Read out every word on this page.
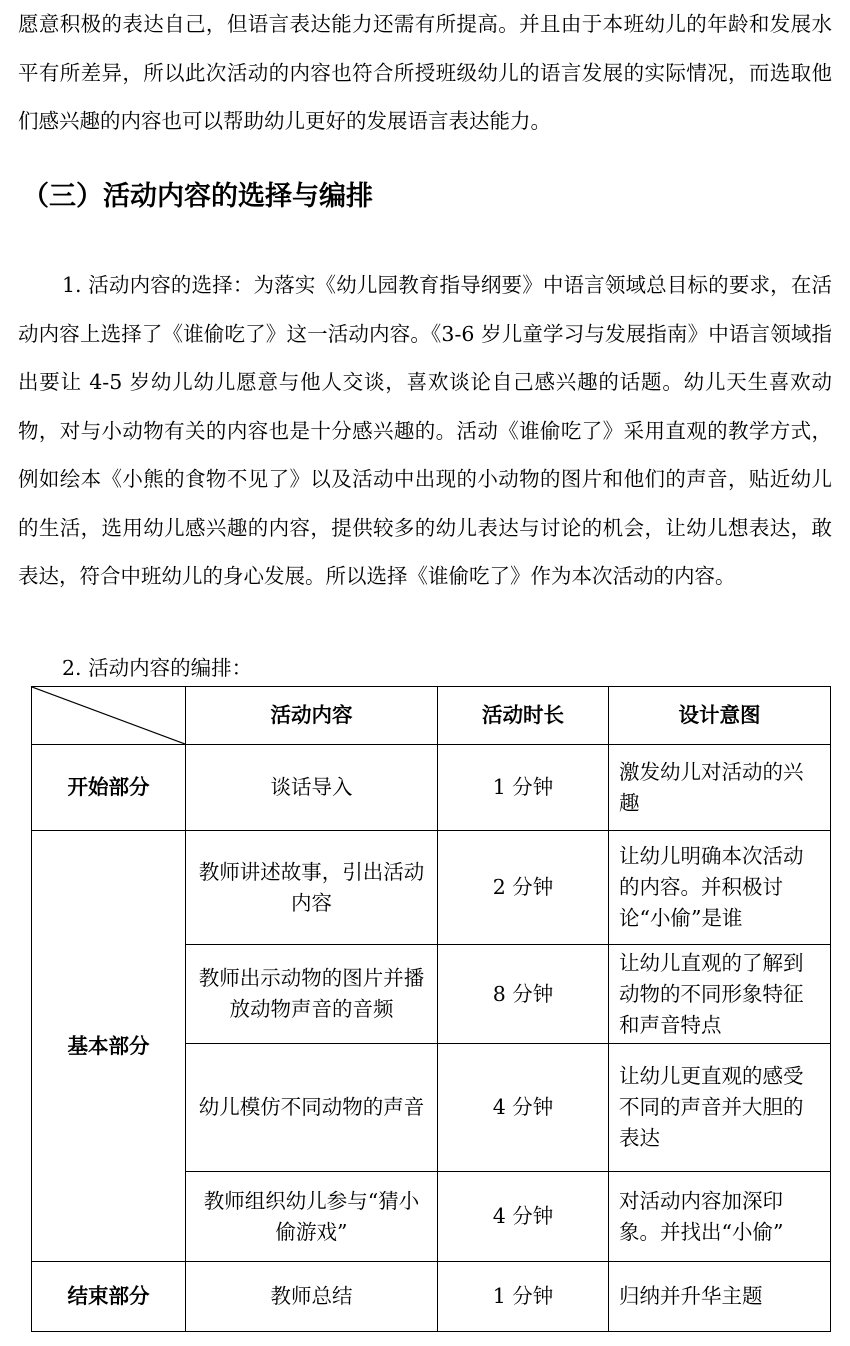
愿意积极的表达自己，但语言表达能力还需有所提高。并且由于本班幼儿的年龄和发展水平有所差异，所以此次活动的内容也符合所授班级幼儿的语言发展的实际情况，而选取他们感兴趣的内容也可以帮助幼儿更好的发展语言表达能力。

（三）活动内容的选择与编排

1. 活动内容的选择：为落实《幼儿园教育指导纲要》中语言领域总目标的要求，在活动内容上选择了《谁偷吃了》这一活动内容。《3-6 岁儿童学习与发展指南》中语言领域指出要让 4-5 岁幼儿幼儿愿意与他人交谈，喜欢谈论自己感兴趣的话题。幼儿天生喜欢动物，对与小动物有关的内容也是十分感兴趣的。活动《谁偷吃了》采用直观的教学方式，例如绘本《小熊的食物不见了》以及活动中出现的小动物的图片和他们的声音，贴近幼儿的生活，选用幼儿感兴趣的内容，提供较多的幼儿表达与讨论的机会，让幼儿想表达，敢表达，符合中班幼儿的身心发展。所以选择《谁偷吃了》作为本次活动的内容。

2. 活动内容的编排：

	活动内容	活动时长	设计意图
开始部分	谈话导入	1 分钟	激发幼儿对活动的兴趣
基本部分	教师讲述故事，引出活动内容	2 分钟	让幼儿明确本次活动的内容。并积极讨论“小偷”是谁
	教师出示动物的图片并播放动物声音的音频	8 分钟	让幼儿直观的了解到动物的不同形象特征和声音特点
	幼儿模仿不同动物的声音	4 分钟	让幼儿更直观的感受不同的声音并大胆的表达
	教师组织幼儿参与“猜小偷游戏”	4 分钟	对活动内容加深印象。并找出“小偷”
结束部分	教师总结	1 分钟	归纳并升华主题
